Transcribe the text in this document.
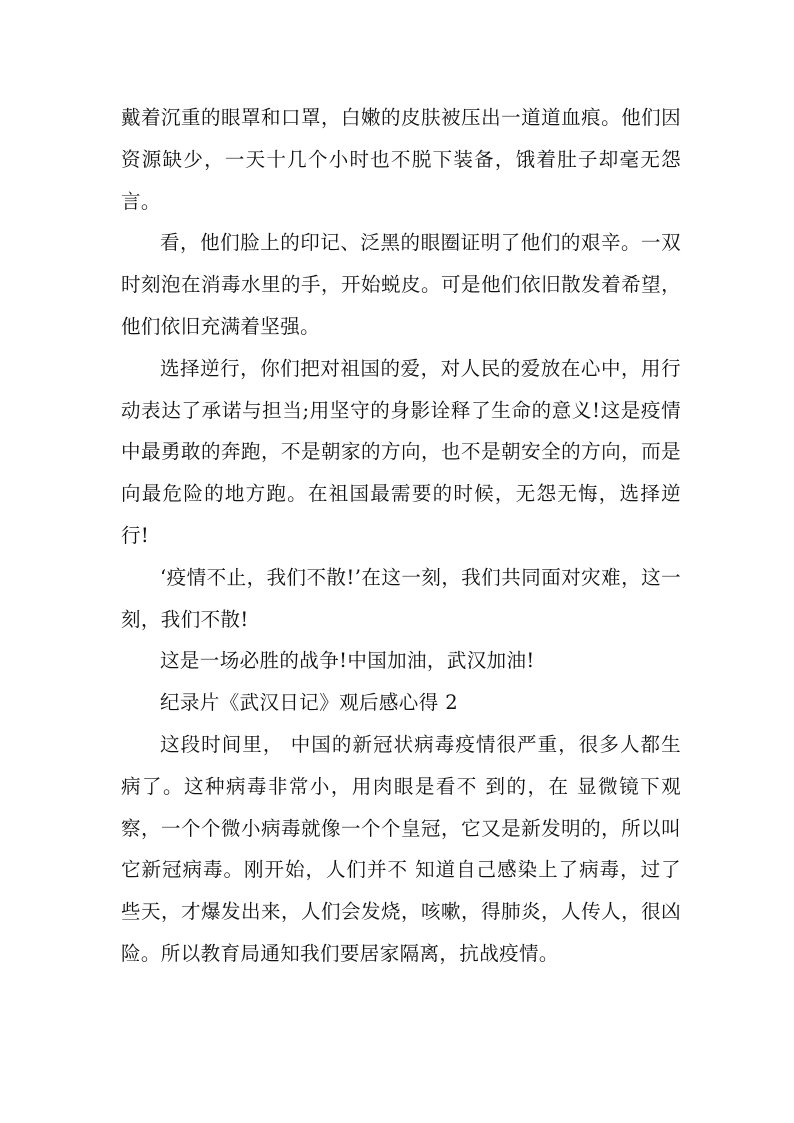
戴着沉重的眼罩和口罩，白嫩的皮肤被压出一道道血痕。他们因资源缺少，一天十几个小时也不脱下装备，饿着肚子却毫无怨言。

看，他们脸上的印记、泛黑的眼圈证明了他们的艰辛。一双时刻泡在消毒水里的手，开始蜕皮。可是他们依旧散发着希望，他们依旧充满着坚强。

选择逆行，你们把对祖国的爱，对人民的爱放在心中，用行动表达了承诺与担当;用坚守的身影诠释了生命的意义!这是疫情中最勇敢的奔跑，不是朝家的方向，也不是朝安全的方向，而是向最危险的地方跑。在祖国最需要的时候，无怨无悔，选择逆行!

‘疫情不止，我们不散!’在这一刻，我们共同面对灾难，这一刻，我们不散!

这是一场必胜的战争!中国加油，武汉加油!

纪录片《武汉日记》观后感心得 2

这段时间里， 中国的新冠状病毒疫情很严重，很多人都生病了。这种病毒非常小，用肉眼是看不 到的，在 显微镜下观察，一个个微小病毒就像一个个皇冠，它又是新发明的，所以叫它新冠病毒。刚开始，人们并不 知道自己感染上了病毒，过了 些天，才爆发出来，人们会发烧，咳嗽，得肺炎，人传人，很凶险。所以教育局通知我们要居家隔离，抗战疫情。
